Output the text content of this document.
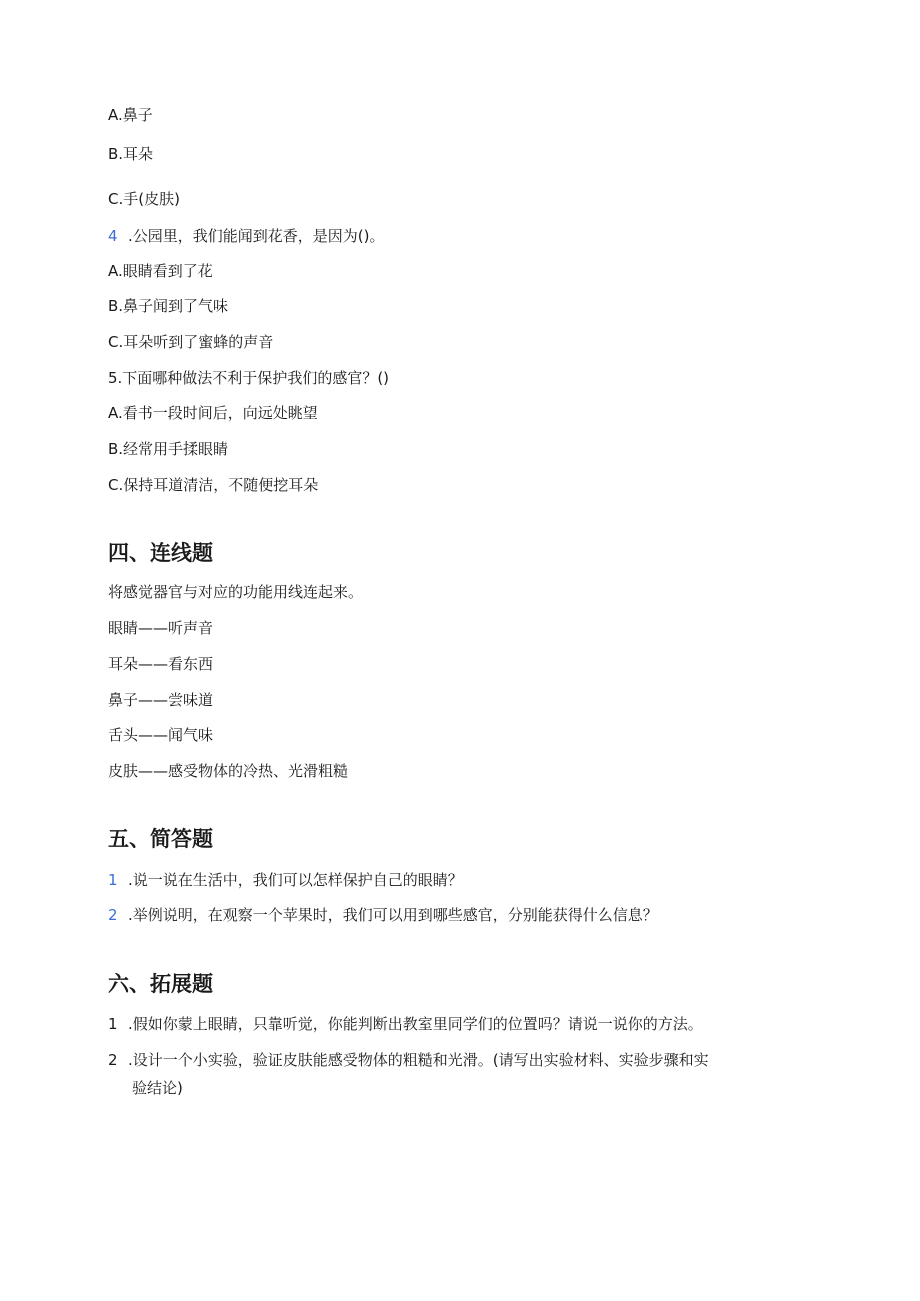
A.鼻子
B.耳朵
C.手(皮肤)
4 .公园里，我们能闻到花香，是因为()。
A.眼睛看到了花
B.鼻子闻到了气味
C.耳朵听到了蜜蜂的声音
5.下面哪种做法不利于保护我们的感官？()
A.看书一段时间后，向远处眺望
B.经常用手揉眼睛
C.保持耳道清洁，不随便挖耳朵
四、连线题
将感觉器官与对应的功能用线连起来。
眼睛——听声音
耳朵——看东西
鼻子——尝味道
舌头——闻气味
皮肤——感受物体的冷热、光滑粗糙
五、简答题
1 .说一说在生活中，我们可以怎样保护自己的眼睛？
2 .举例说明，在观察一个苹果时，我们可以用到哪些感官，分别能获得什么信息？
六、拓展题
1 .假如你蒙上眼睛，只靠听觉，你能判断出教室里同学们的位置吗？请说一说你的方法。
2 .设计一个小实验，验证皮肤能感受物体的粗糙和光滑。(请写出实验材料、实验步骤和实
验结论)
